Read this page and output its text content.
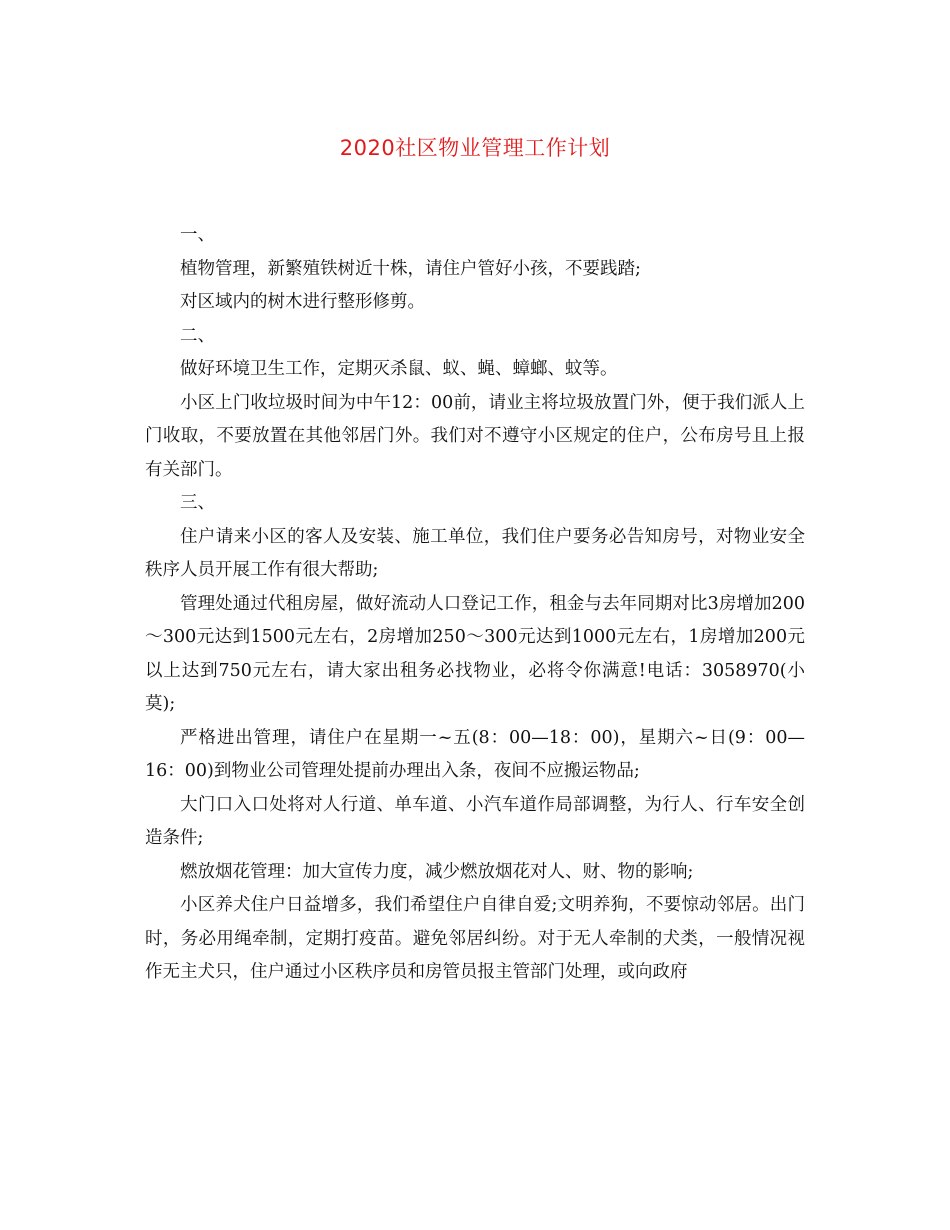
2020社区物业管理工作计划

一、

植物管理，新繁殖铁树近十株，请住户管好小孩，不要践踏;

对区域内的树木进行整形修剪。

二、

做好环境卫生工作，定期灭杀鼠、蚁、蝇、蟑螂、蚊等。

小区上门收垃圾时间为中午12：00前，请业主将垃圾放置门外，便于我们派人上门收取，不要放置在其他邻居门外。我们对不遵守小区规定的住户，公布房号且上报有关部门。

三、

住户请来小区的客人及安装、施工单位，我们住户要务必告知房号，对物业安全秩序人员开展工作有很大帮助;

管理处通过代租房屋，做好流动人口登记工作，租金与去年同期对比3房增加200～300元达到1500元左右，2房增加250～300元达到1000元左右，1房增加200元以上达到750元左右，请大家出租务必找物业，必将令你满意!电话：3058970(小莫);

严格进出管理，请住户在星期一~五(8：00—18：00)，星期六~日(9：00—16：00)到物业公司管理处提前办理出入条，夜间不应搬运物品;

大门口入口处将对人行道、单车道、小汽车道作局部调整，为行人、行车安全创造条件;

燃放烟花管理：加大宣传力度，减少燃放烟花对人、财、物的影响;

小区养犬住户日益增多，我们希望住户自律自爱;文明养狗，不要惊动邻居。出门时，务必用绳牵制，定期打疫苗。避免邻居纠纷。对于无人牵制的犬类，一般情况视作无主犬只，住户通过小区秩序员和房管员报主管部门处理，或向政府
